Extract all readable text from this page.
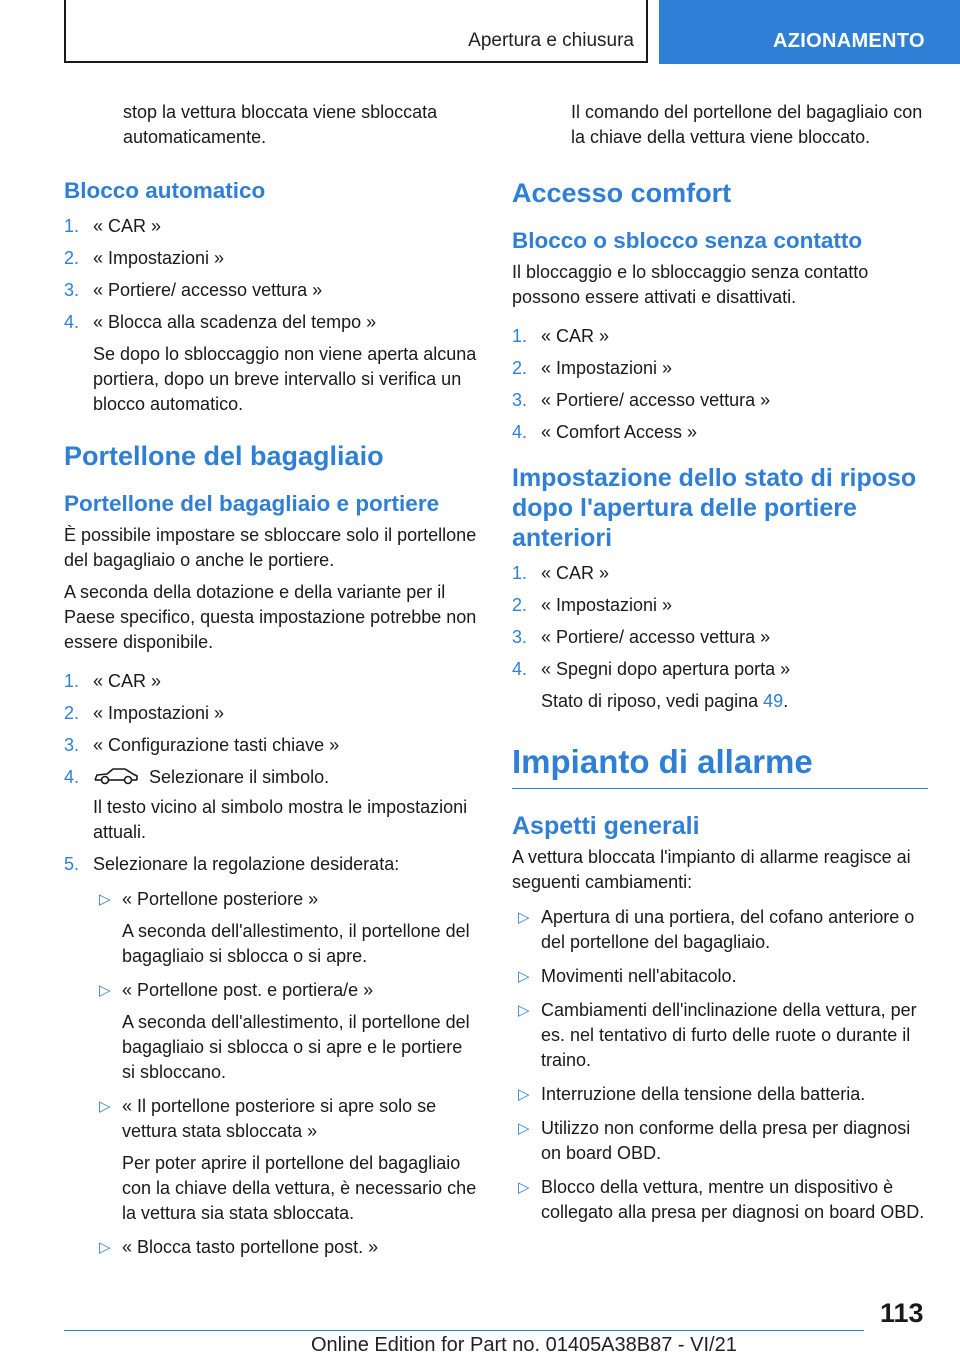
Apertura e chiusura	AZIONAMENTO

stop la vettura bloccata viene sbloccata automaticamente.

Blocco automatico
1. « CAR »
2. « Impostazioni »
3. « Portiere/ accesso vettura »
4. « Blocca alla scadenza del tempo »

Se dopo lo sbloccaggio non viene aperta alcuna portiera, dopo un breve intervallo si verifica un blocco automatico.

Portellone del bagagliaio
Portellone del bagagliaio e portiere

È possibile impostare se sbloccare solo il portellone del bagagliaio o anche le portiere.

A seconda della dotazione e della variante per il Paese specifico, questa impostazione potrebbe non essere disponibile.

1. « CAR »
2. « Impostazioni »
3. « Configurazione tasti chiave »
4.	Selezionare il simbolo.

Il testo vicino al simbolo mostra le impostazioni attuali.

5. Selezionare la regolazione desiderata:
▷ « Portellone posteriore »
A seconda dell'allestimento, il portellone del bagagliaio si sblocca o si apre.
▷ « Portellone post. e portiera/e »
A seconda dell'allestimento, il portellone del bagagliaio si sblocca o si apre e le portiere si sbloccano.
▷ « Il portellone posteriore si apre solo se vettura stata sbloccata »
Per poter aprire il portellone del bagagliaio con la chiave della vettura, è necessario che la vettura sia stata sbloccata.
▷ « Blocca tasto portellone post. »

Il comando del portellone del bagagliaio con la chiave della vettura viene bloccato.

Accesso comfort
Blocco o sblocco senza contatto

Il bloccaggio e lo sbloccaggio senza contatto possono essere attivati e disattivati.

1. « CAR »
2. « Impostazioni »
3. « Portiere/ accesso vettura »
4. « Comfort Access »
Impostazione dello stato di riposo dopo l'apertura delle portiere anteriori
1. « CAR »
2. « Impostazioni »
3. « Portiere/ accesso vettura »
4. « Spegni dopo apertura porta »

Stato di riposo, vedi pagina 49.

Impianto di allarme
Aspetti generali

A vettura bloccata l'impianto di allarme reagisce ai seguenti cambiamenti:

▷ Apertura di una portiera, del cofano anteriore o del portellone del bagagliaio.
▷ Movimenti nell'abitacolo.
▷ Cambiamenti dell'inclinazione della vettura, per es. nel tentativo di furto delle ruote o durante il traino.
▷ Interruzione della tensione della batteria.
▷ Utilizzo non conforme della presa per diagnosi on board OBD.
▷ Blocco della vettura, mentre un dispositivo è collegato alla presa per diagnosi on board OBD.
113
Online Edition for Part no. 01405A38B87 - VI/21
